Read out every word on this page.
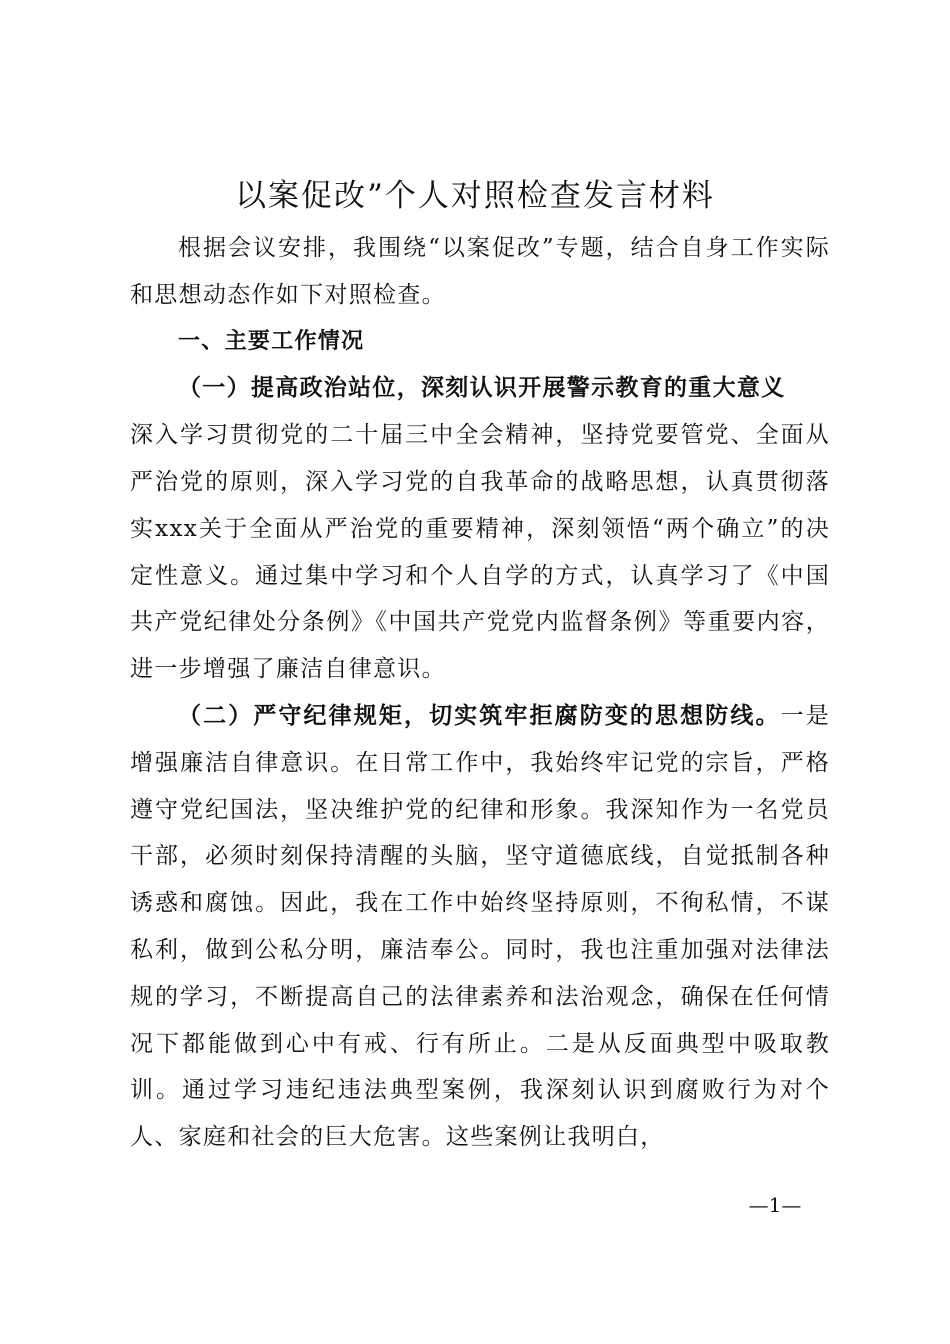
以案促改”个人对照检查发言材料

根据会议安排，我围绕“以案促改”专题，结合自身工作实际和思想动态作如下对照检查。

一、主要工作情况

（一）提高政治站位，深刻认识开展警示教育的重大意义

深入学习贯彻党的二十届三中全会精神，坚持党要管党、全面从严治党的原则，深入学习党的自我革命的战略思想，认真贯彻落实xxx关于全面从严治党的重要精神，深刻领悟“两个确立”的决定性意义。通过集中学习和个人自学的方式，认真学习了《中国共产党纪律处分条例》《中国共产党党内监督条例》等重要内容，进一步增强了廉洁自律意识。

（二）严守纪律规矩，切实筑牢拒腐防变的思想防线。一是增强廉洁自律意识。在日常工作中，我始终牢记党的宗旨，严格遵守党纪国法，坚决维护党的纪律和形象。我深知作为一名党员干部，必须时刻保持清醒的头脑，坚守道德底线，自觉抵制各种诱惑和腐蚀。因此，我在工作中始终坚持原则，不徇私情，不谋私利，做到公私分明，廉洁奉公。同时，我也注重加强对法律法规的学习，不断提高自己的法律素养和法治观念，确保在任何情况下都能做到心中有戒、行有所止。二是从反面典型中吸取教训。通过学习违纪违法典型案例，我深刻认识到腐败行为对个人、家庭和社会的巨大危害。这些案例让我明白，

—1—
